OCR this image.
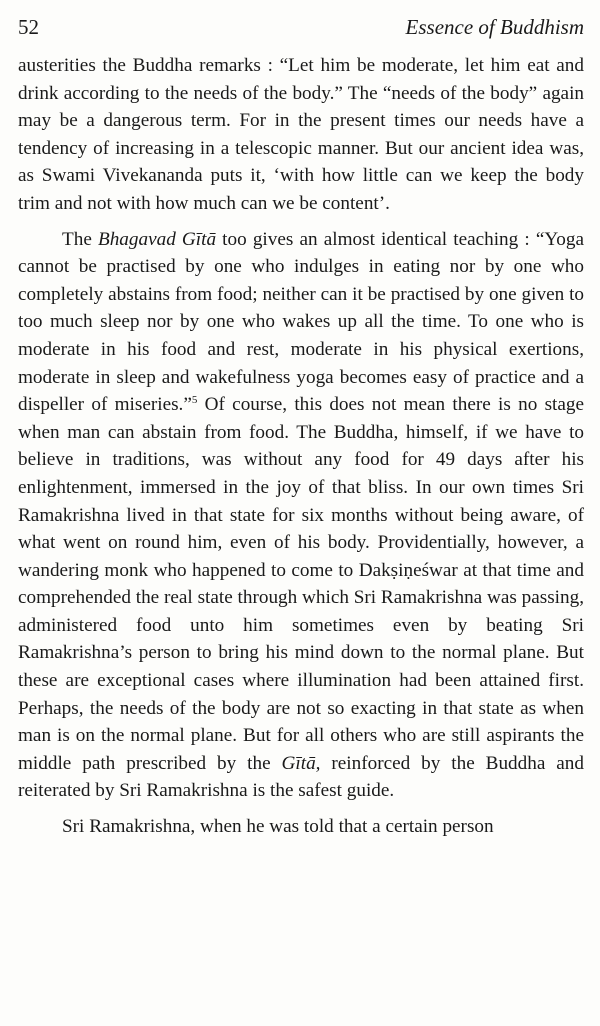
52	Essence of Buddhism

austerities the Buddha remarks : “Let him be moderate, let him eat and drink according to the needs of the body.” The “needs of the body” again may be a dangerous term. For in the present times our needs have a tendency of increasing in a telescopic manner. But our ancient idea was, as Swami Vivekananda puts it, ‘with how little can we keep the body trim and not with how much can we be content’.

The Bhagavad Gītā too gives an almost identical teaching : “Yoga cannot be practised by one who indulges in eating nor by one who completely abstains from food; neither can it be practised by one given to too much sleep nor by one who wakes up all the time. To one who is moderate in his food and rest, moderate in his physical exertions, moderate in sleep and wakefulness yoga becomes easy of practice and a dispeller of miseries.”$^5$ Of course, this does not mean there is no stage when man can abstain from food. The Buddha, himself, if we have to believe in traditions, was without any food for 49 days after his enlightenment, immersed in the joy of that bliss. In our own times Sri Ramakrishna lived in that state for six months without being aware, of what went on round him, even of his body. Providentially, however, a wandering monk who happened to come to Dakṣiṇeśwar at that time and comprehended the real state through which Sri Ramakrishna was passing, administered food unto him sometimes even by beating Sri Ramakrishna’s person to bring his mind down to the normal plane. But these are exceptional cases where illumination had been attained first. Perhaps, the needs of the body are not so exacting in that state as when man is on the normal plane. But for all others who are still aspirants the middle path prescribed by the Gītā, reinforced by the Buddha and reiterated by Sri Ramakrishna is the safest guide.

Sri Ramakrishna, when he was told that a certain person
